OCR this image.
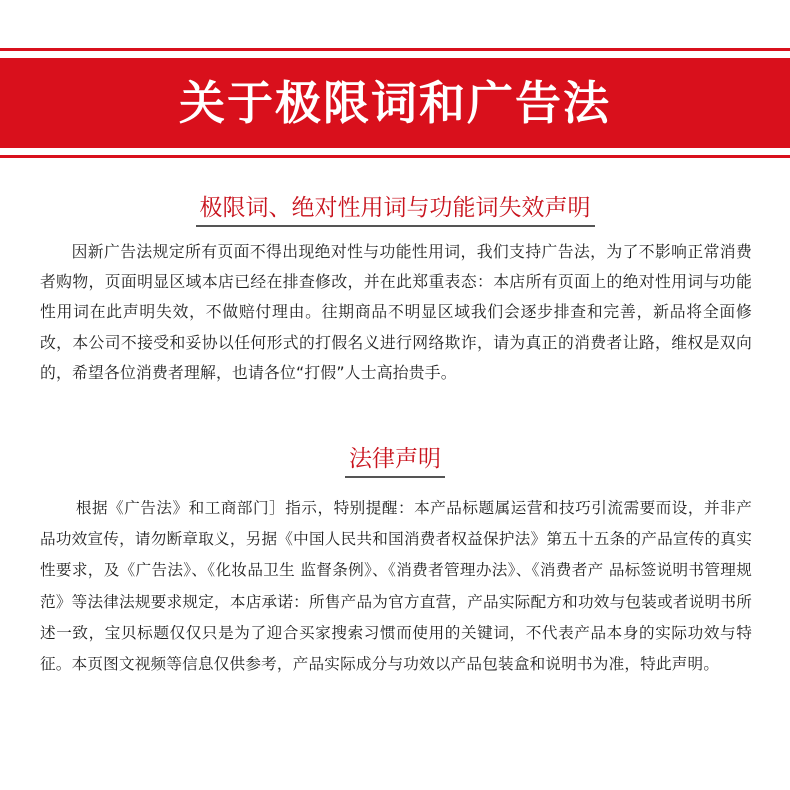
关于极限词和广告法
极限词、绝对性用词与功能词失效声明

因新广告法规定所有页面不得出现绝对性与功能性用词，我们支持广告法，为了不影响正常消费者购物，页面明显区域本店已经在排查修改，并在此郑重表态：本店所有页面上的绝对性用词与功能性用词在此声明失效，不做赔付理由。往期商品不明显区域我们会逐步排查和完善，新品将全面修改，本公司不接受和妥协以任何形式的打假名义进行网络欺诈，请为真正的消费者让路，维权是双向的，希望各位消费者理解，也请各位“打假”人士高抬贵手。

法律声明

根据《广告法》和工商部门］指示，特别提醒：本产品标题属运营和技巧引流需要而设，并非产品功效宣传，请勿断章取义，另据《中国人民共和国消费者权益保护法》第五十五条的产品宣传的真实性要求，及《广告法》、《化妆品卫生 监督条例》、《消费者管理办法》、《消费者产 品标签说明书管理规范》等法律法规要求规定，本店承诺：所售产品为官方直营，产品实际配方和功效与包装或者说明书所述一致，宝贝标题仅仅只是为了迎合买家搜索习惯而使用的关键词，不代表产品本身的实际功效与特征。本页图文视频等信息仅供参考，产品实际成分与功效以产品包装盒和说明书为准，特此声明。
